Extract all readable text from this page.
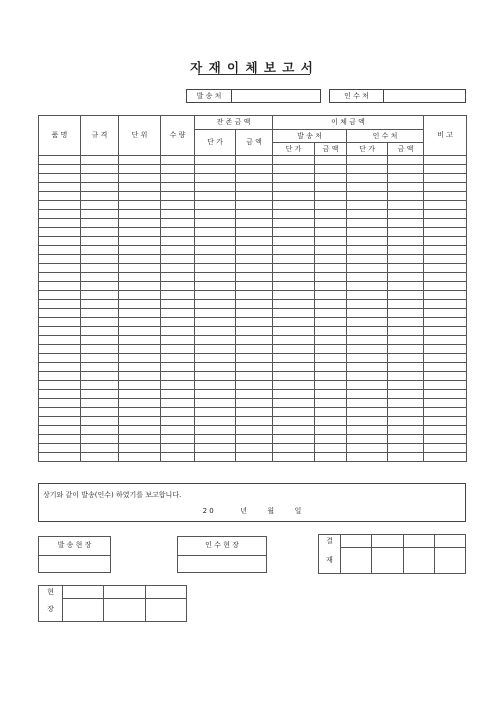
자 재 이 체 보 고 서
발 송 처	인 수 처
품 명	규 격	단 위	수 량	잔 존 금 액		이 체 금 액				비 고
				단 가	금 액	발 송 처		인 수 처		
						단 가	금 액	단 가	금 액	

상기와 같이 발송(인수) 하였기를 보고합니다.
2 0	년	월	일
발 송 현 장	인 수 현 장

결				
재				
현			
장			
